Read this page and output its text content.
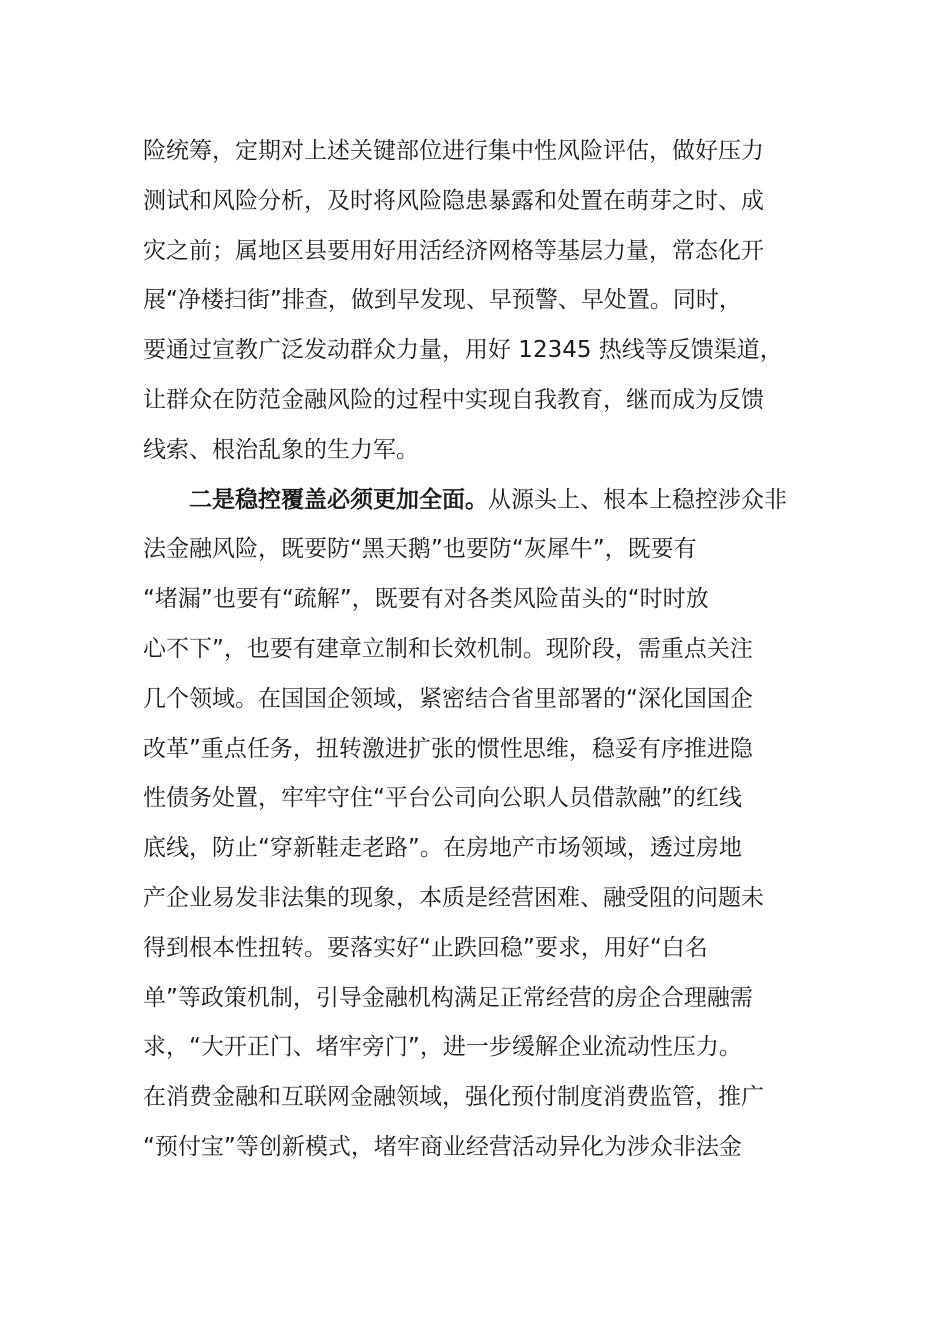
险统筹，定期对上述关键部位进行集中性风险评估，做好压力
测试和风险分析，及时将风险隐患暴露和处置在萌芽之时、成
灾之前；属地区县要用好用活经济网格等基层力量，常态化开
展“净楼扫街”排查，做到早发现、早预警、早处置。同时，
要通过宣教广泛发动群众力量，用好 12345 热线等反馈渠道，
让群众在防范金融风险的过程中实现自我教育，继而成为反馈
线索、根治乱象的生力军。
二是稳控覆盖必须更加全面。从源头上、根本上稳控涉众非
法金融风险，既要防“黑天鹅”也要防“灰犀牛”，既要有
“堵漏”也要有“疏解”，既要有对各类风险苗头的“时时放
心不下”，也要有建章立制和长效机制。现阶段，需重点关注
几个领域。在国国企领域，紧密结合省里部署的“深化国国企
改革”重点任务，扭转激进扩张的惯性思维，稳妥有序推进隐
性债务处置，牢牢守住“平台公司向公职人员借款融”的红线
底线，防止“穿新鞋走老路”。在房地产市场领域，透过房地
产企业易发非法集的现象，本质是经营困难、融受阻的问题未
得到根本性扭转。要落实好“止跌回稳”要求，用好“白名
单”等政策机制，引导金融机构满足正常经营的房企合理融需
求，“大开正门、堵牢旁门”，进一步缓解企业流动性压力。
在消费金融和互联网金融领域，强化预付制度消费监管，推广
“预付宝”等创新模式，堵牢商业经营活动异化为涉众非法金
